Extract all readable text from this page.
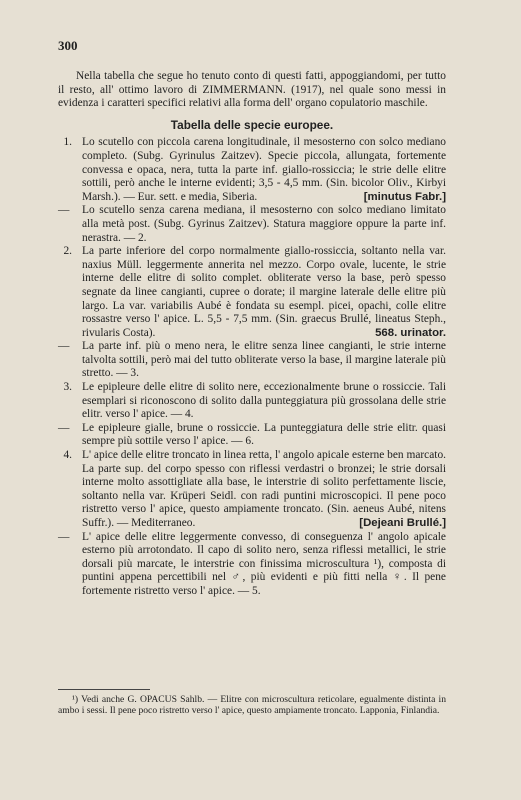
300

Nella tabella che segue ho tenuto conto di questi fatti, appoggiandomi, per tutto il resto, all' ottimo lavoro di ZIMMERMANN. (1917), nel quale sono messi in evidenza i caratteri specifici relativi alla forma dell' organo copulatorio maschile.

Tabella delle specie europee.

1. Lo scutello con piccola carena longitudinale, il mesosterno con solco mediano completo. (Subg. Gyrinulus Zaitzev). Specie piccola, allungata, fortemente convessa e opaca, nera, tutta la parte inf. giallo-rossiccia; le strie delle elitre sottili, però anche le interne evidenti; 3,5 - 4,5 mm. (Sin. bicolor Oliv., Kirbyi Marsh.). — Eur. sett. e media, Siberia.	[minutus Fabr.]
—	Lo scutello senza carena mediana, il mesosterno con solco mediano limitato alla metà post. (Subg. Gyrinus Zaitzev). Statura maggiore oppure la parte inf. nerastra. — 2.
2. La parte inferiore del corpo normalmente giallo-rossiccia, soltanto nella var. naxius Müll. leggermente annerita nel mezzo. Corpo ovale, lucente, le strie interne delle elitre di solito complet. obliterate verso la base, però spesso segnate da linee cangianti, cupree o dorate; il margine laterale delle elitre più largo. La var. variabilis Aubé è fondata su esempl. picei, opachi, colle elitre rossastre verso l' apice. L. 5,5 - 7,5 mm. (Sin. graecus Brullé, lineatus Steph., rivularis Costa).	568. urinator.
—	La parte inf. più o meno nera, le elitre senza linee cangianti, le strie interne talvolta sottili, però mai del tutto obliterate verso la base, il margine laterale più stretto. — 3.
3. Le epipleure delle elitre di solito nere, eccezionalmente brune o rossiccie. Tali esemplari si riconoscono di solito dalla punteggiatura più grossolana delle strie elitr. verso l' apice. — 4.
—	Le epipleure gialle, brune o rossiccie. La punteggiatura delle strie elitr. quasi sempre più sottile verso l' apice. — 6.
4. L' apice delle elitre troncato in linea retta, l' angolo apicale esterne ben marcato. La parte sup. del corpo spesso con riflessi verdastri o bronzei; le strie dorsali interne molto assottigliate alla base, le interstrie di solito perfettamente liscie, soltanto nella var. Krüperi Seidl. con radi puntini microscopici. Il pene poco ristretto verso l' apice, questo ampiamente troncato. (Sin. aeneus Aubé, nitens Suffr.). — Mediterraneo.	[Dejeani Brullé.]
—	L' apice delle elitre leggermente convesso, di conseguenza l' angolo apicale esterno più arrotondato. Il capo di solito nero, senza riflessi metallici, le strie dorsali più marcate, le interstrie con finissima microscultura ¹), composta di puntini appena percettibili nel ♂, più evidenti e più fitti nella ♀. Il pene fortemente ristretto verso l' apice. — 5.
¹) Vedi anche G. OPACUS Sahlb. — Elitre con microscultura reticolare, egualmente distinta in ambo i sessi. Il pene poco ristretto verso l' apice, questo ampiamente troncato. Lapponia, Finlandia.
